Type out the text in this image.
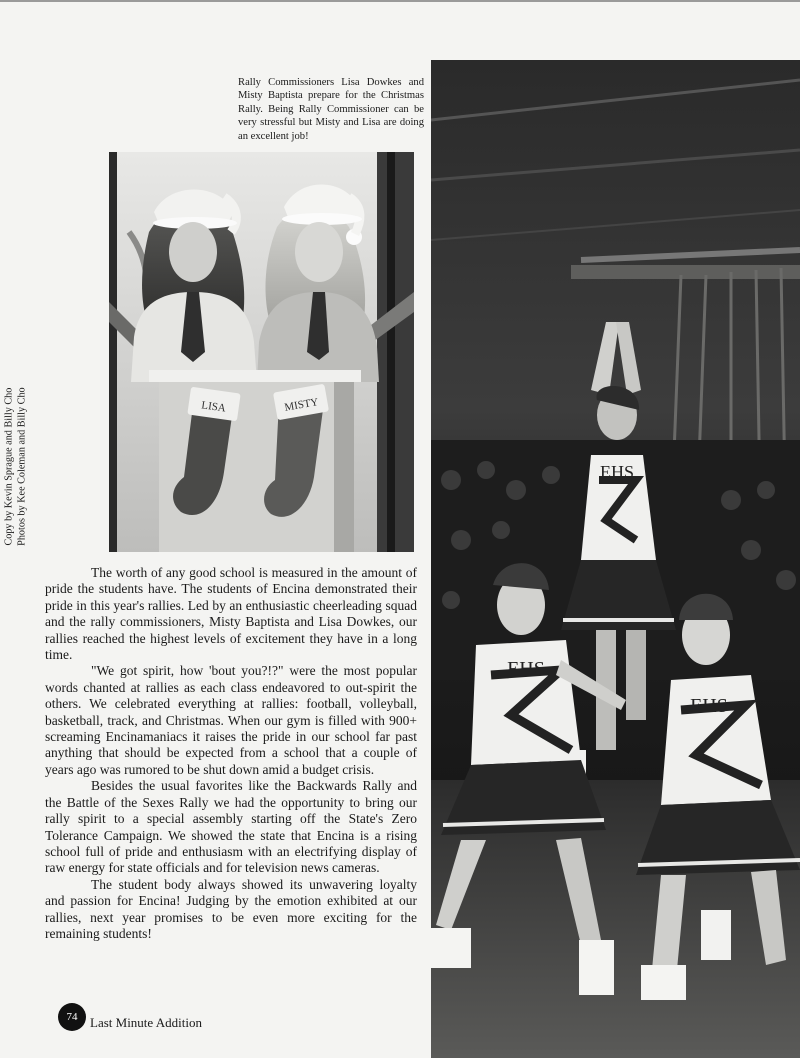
Rally Commissioners Lisa Dowkes and Misty Baptista prepare for the Christmas Rally. Being Rally Commissioner can be very stressful but Misty and Lisa are doing an excellent job!
Copy by Kevin Sprague and Billy Cho Photos by Kee Coleman and Billy Cho	LISA	MISTY
EHS
EHS
EHS

The worth of any good school is measured in the amount of pride the students have. The students of Encina demonstrated their pride in this year's rallies. Led by an enthusiastic cheerleading squad and the rally commissioners, Misty Baptista and Lisa Dowkes, our rallies reached the highest levels of excitement they have in a long time.

"We got spirit, how 'bout you?!?" were the most popular words chanted at rallies as each class endeavored to out-spirit the others. We celebrated everything at rallies: football, volleyball, basketball, track, and Christmas. When our gym is filled with 900+ screaming Encinamaniacs it raises the pride in our school far past anything that should be expected from a school that a couple of years ago was rumored to be shut down amid a budget crisis.

Besides the usual favorites like the Backwards Rally and the Battle of the Sexes Rally we had the opportunity to bring our rally spirit to a special assembly starting off the State's Zero Tolerance Campaign. We showed the state that Encina is a rising school full of pride and enthusiasm with an electrifying display of raw energy for state officials and for television news cameras.

The student body always showed its unwavering loyalty and passion for Encina! Judging by the emotion exhibited at our rallies, next year promises to be even more exciting for the remaining students!

74 Last Minute Addition
